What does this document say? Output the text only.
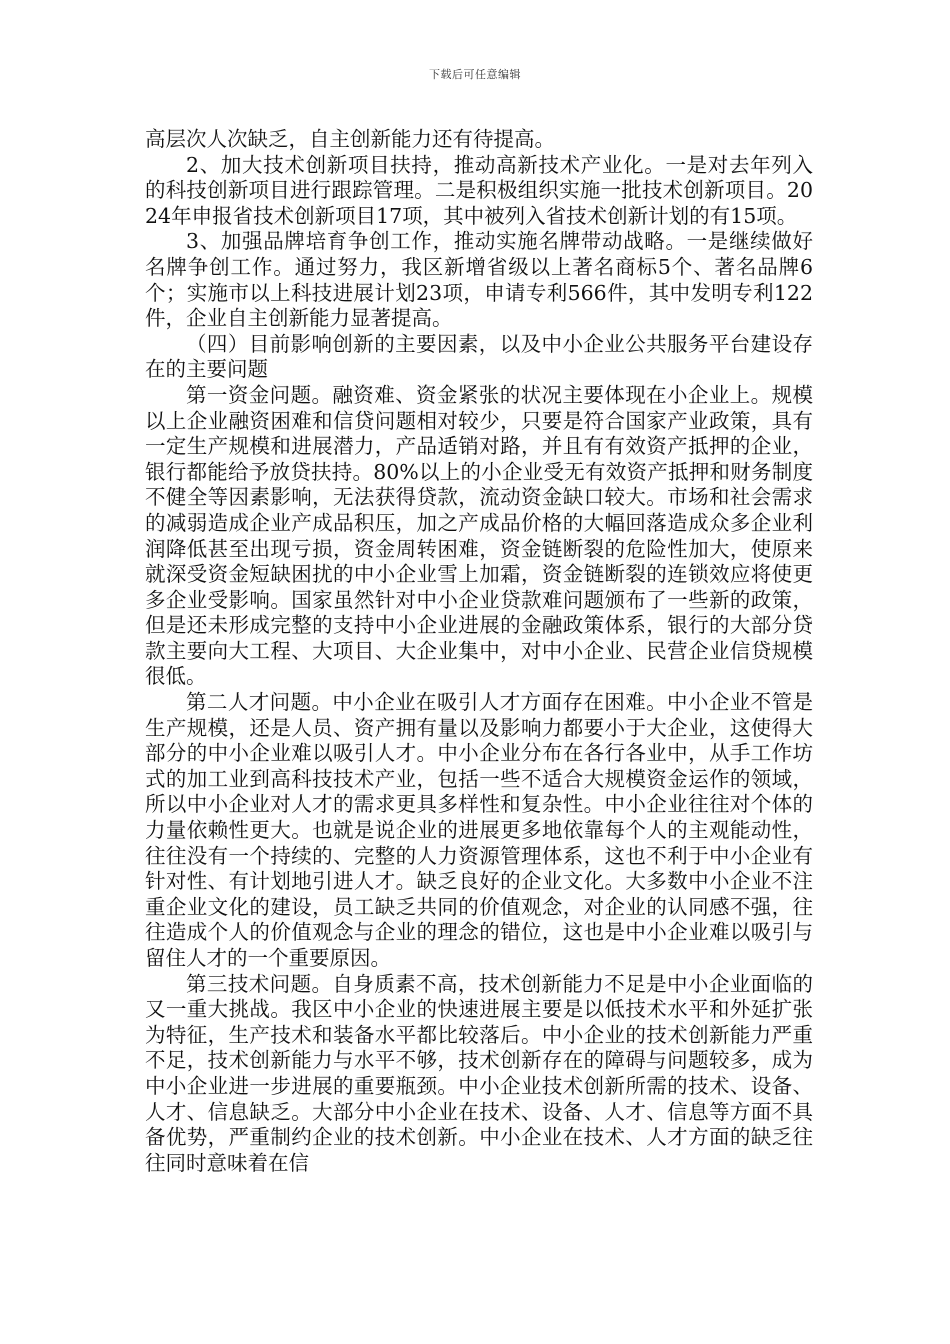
下载后可任意编辑

高层次人次缺乏，自主创新能力还有待提高。

2、加大技术创新项目扶持，推动高新技术产业化。一是对去年列入的科技创新项目进行跟踪管理。二是积极组织实施一批技术创新项目。2024年申报省技术创新项目17项，其中被列入省技术创新计划的有15项。

3、加强品牌培育争创工作，推动实施名牌带动战略。一是继续做好名牌争创工作。通过努力，我区新增省级以上著名商标5个、著名品牌6个；实施市以上科技进展计划23项，申请专利566件，其中发明专利122件，企业自主创新能力显著提高。

（四）目前影响创新的主要因素，以及中小企业公共服务平台建设存在的主要问题

第一资金问题。融资难、资金紧张的状况主要体现在小企业上。规模以上企业融资困难和信贷问题相对较少，只要是符合国家产业政策，具有一定生产规模和进展潜力，产品适销对路，并且有有效资产抵押的企业，银行都能给予放贷扶持。80%以上的小企业受无有效资产抵押和财务制度不健全等因素影响，无法获得贷款，流动资金缺口较大。市场和社会需求的减弱造成企业产成品积压，加之产成品价格的大幅回落造成众多企业利润降低甚至出现亏损，资金周转困难，资金链断裂的危险性加大，使原来就深受资金短缺困扰的中小企业雪上加霜，资金链断裂的连锁效应将使更多企业受影响。国家虽然针对中小企业贷款难问题颁布了一些新的政策，但是还未形成完整的支持中小企业进展的金融政策体系，银行的大部分贷款主要向大工程、大项目、大企业集中，对中小企业、民营企业信贷规模很低。

第二人才问题。中小企业在吸引人才方面存在困难。中小企业不管是生产规模，还是人员、资产拥有量以及影响力都要小于大企业，这使得大部分的中小企业难以吸引人才。中小企业分布在各行各业中，从手工作坊式的加工业到高科技技术产业，包括一些不适合大规模资金运作的领域，所以中小企业对人才的需求更具多样性和复杂性。中小企业往往对个体的力量依赖性更大。也就是说企业的进展更多地依靠每个人的主观能动性，往往没有一个持续的、完整的人力资源管理体系，这也不利于中小企业有针对性、有计划地引进人才。缺乏良好的企业文化。大多数中小企业不注重企业文化的建设，员工缺乏共同的价值观念，对企业的认同感不强，往往造成个人的价值观念与企业的理念的错位，这也是中小企业难以吸引与留住人才的一个重要原因。

第三技术问题。自身质素不高，技术创新能力不足是中小企业面临的又一重大挑战。我区中小企业的快速进展主要是以低技术水平和外延扩张为特征，生产技术和装备水平都比较落后。中小企业的技术创新能力严重不足，技术创新能力与水平不够，技术创新存在的障碍与问题较多，成为中小企业进一步进展的重要瓶颈。中小企业技术创新所需的技术、设备、人才、信息缺乏。大部分中小企业在技术、设备、人才、信息等方面不具备优势，严重制约企业的技术创新。中小企业在技术、人才方面的缺乏往往同时意味着在信
